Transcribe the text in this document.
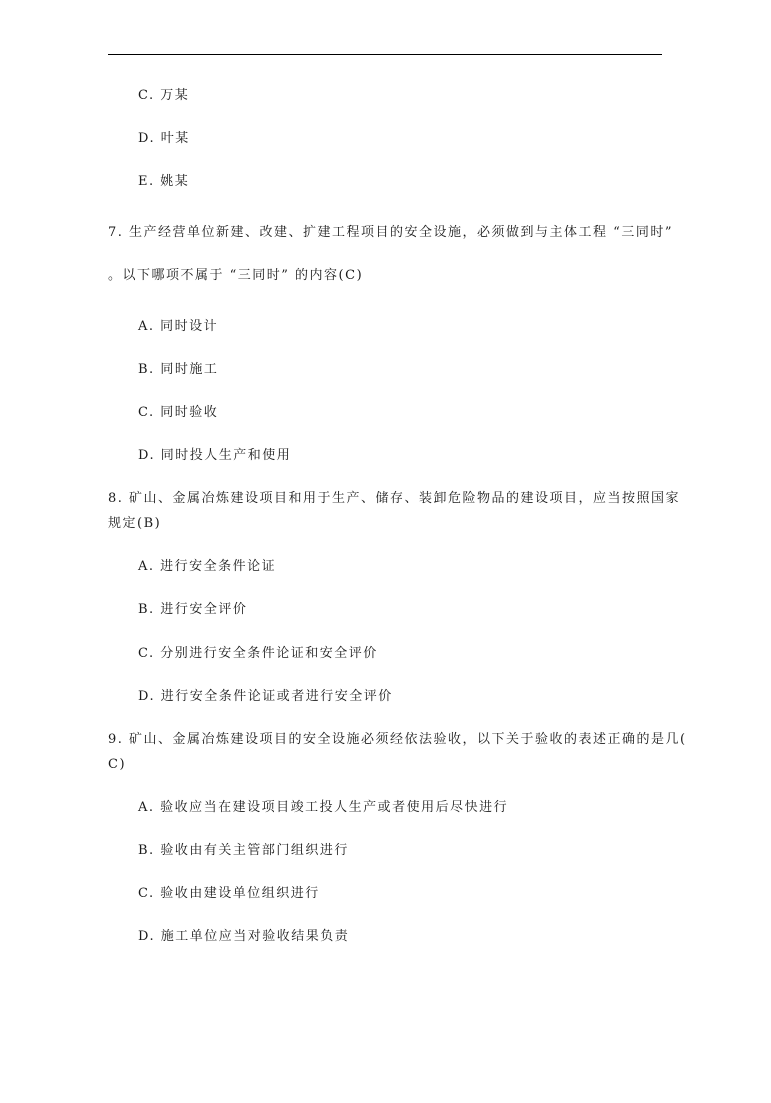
C. 万某
D. 叶某
E. 姚某
7. 生产经营单位新建、改建、扩建工程项目的安全设施，必须做到与主体工程 “三同时”
。以下哪项不属于 “三同时” 的内容(C)
A. 同时设计
B. 同时施工
C. 同时验收
D. 同时投人生产和使用
8. 矿山、金属冶炼建设项目和用于生产、储存、装卸危险物品的建设项目，应当按照国家
规定(B)
A. 进行安全条件论证
B. 进行安全评价
C. 分别进行安全条件论证和安全评价
D. 进行安全条件论证或者进行安全评价
9. 矿山、金属冶炼建设项目的安全设施必须经依法验收，以下关于验收的表述正确的是几(
C)
A. 验收应当在建设项目竣工投人生产或者使用后尽快进行
B. 验收由有关主管部门组织进行
C. 验收由建设单位组织进行
D. 施工单位应当对验收结果负责
